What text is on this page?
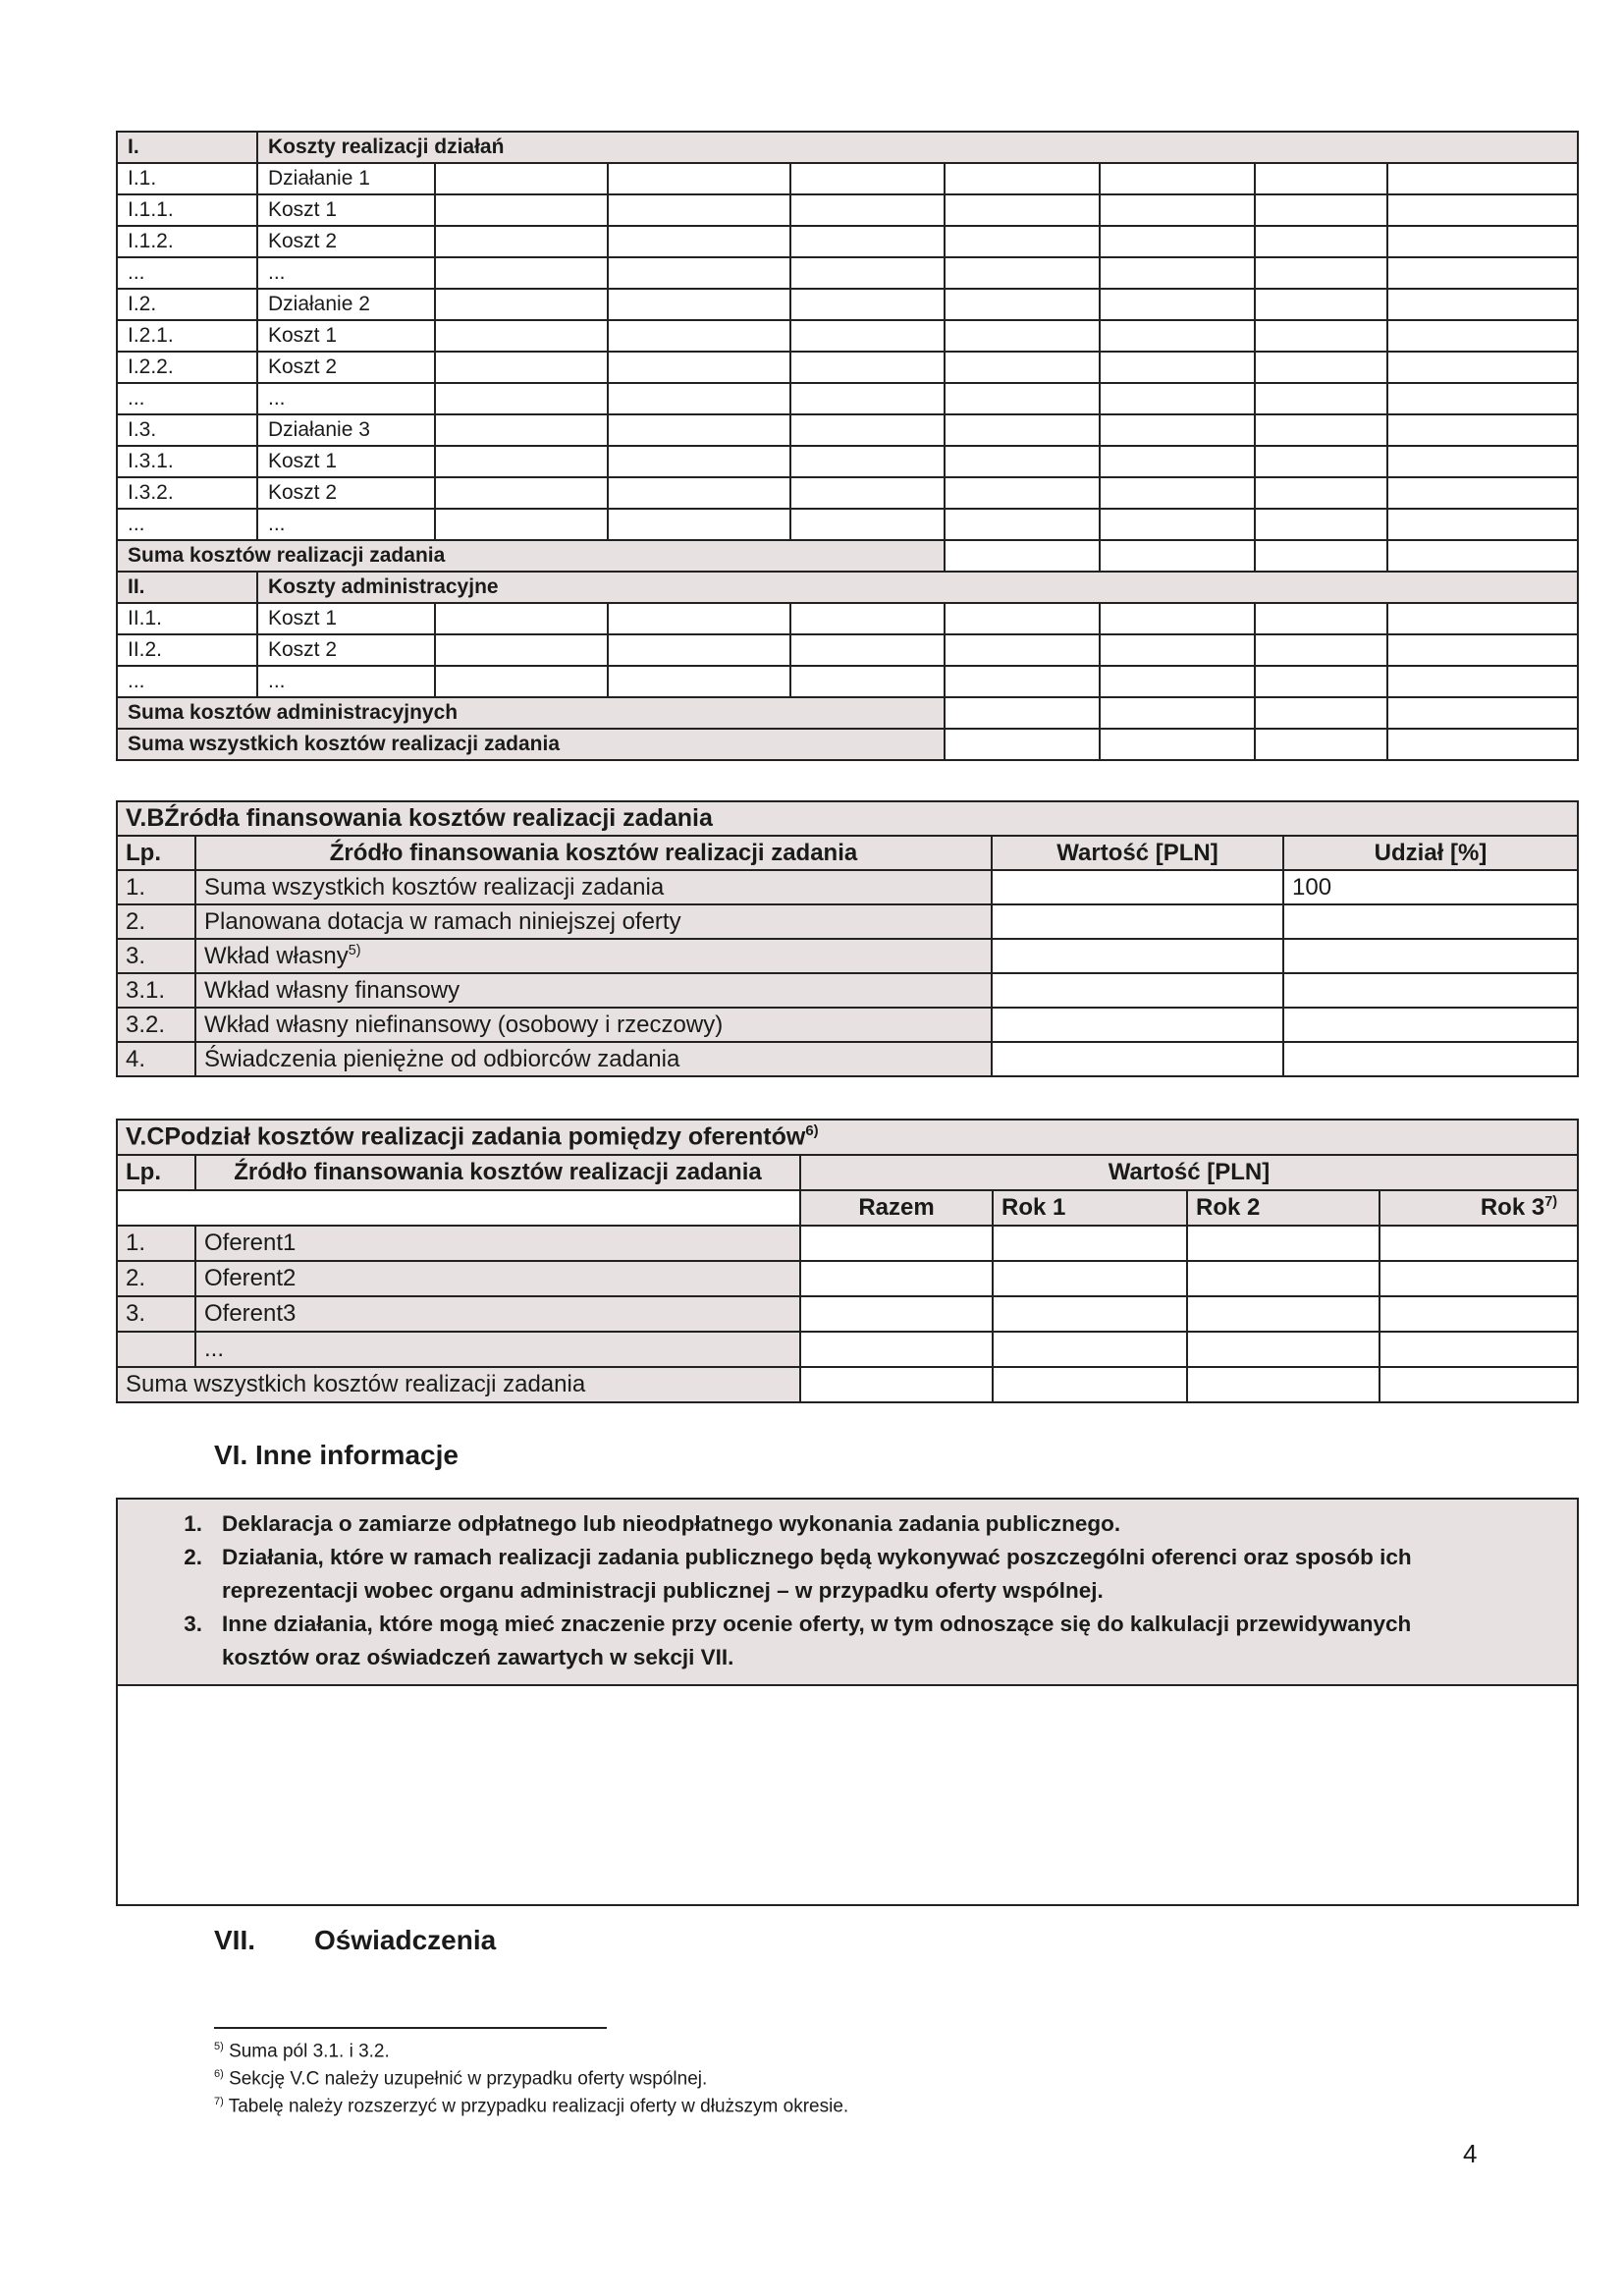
I.	Koszty realizacji działań							
I.1.	Działanie 1							
I.1.1.	Koszt 1							
I.1.2.	Koszt 2							
...	...							
I.2.	Działanie 2							
I.2.1.	Koszt 1							
I.2.2.	Koszt 2							
...	...							
I.3.	Działanie 3							
I.3.1.	Koszt 1							
I.3.2.	Koszt 2							
...	...							
Suma kosztów realizacji zadania								
II.	Koszty administracyjne							
II.1.	Koszt 1							
II.2.	Koszt 2							
...	...							
Suma kosztów administracyjnych								
Suma wszystkich kosztów realizacji zadania								
V.BŹródła finansowania kosztów realizacji zadania			
Lp.	Źródło finansowania kosztów realizacji zadania	Wartość [PLN]	Udział [%]
1.	Suma wszystkich kosztów realizacji zadania		100
2.	Planowana dotacja w ramach niniejszej oferty		
3.	Wkład własny$^{5)}$		
3.1.	Wkład własny finansowy		
3.2.	Wkład własny niefinansowy (osobowy i rzeczowy)		
4.	Świadczenia pieniężne od odbiorców zadania		
V.CPodział kosztów realizacji zadania pomiędzy oferentów$^{6)}$
Lp.	Źródło finansowania kosztów realizacji zadania	Wartość [PLN]			
		Razem	Rok 1	Rok 2	Rok 3$^{7)}$
1.	Oferent1				
2.	Oferent2				
3.	Oferent3				
	...				
Suma wszystkich kosztów realizacji zadania					
VI. Inne informacje
1. Deklaracja o zamiarze odpłatnego lub nieodpłatnego wykonania zadania publicznego.
2. Działania, które w ramach realizacji zadania publicznego będą wykonywać poszczególni oferenci oraz sposób ich
reprezentacji wobec organu administracji publicznej – w przypadku oferty wspólnej.
3. Inne działania, które mogą mieć znaczenie przy ocenie oferty, w tym odnoszące się do kalkulacji przewidywanych
kosztów oraz oświadczeń zawartych w sekcji VII.
VII. Oświadczenia
$^{5)}$ Suma pól 3.1. i 3.2.
$^{6)}$ Sekcję V.C należy uzupełnić w przypadku oferty wspólnej.
$^{7)}$ Tabelę należy rozszerzyć w przypadku realizacji oferty w dłuższym okresie.
4
